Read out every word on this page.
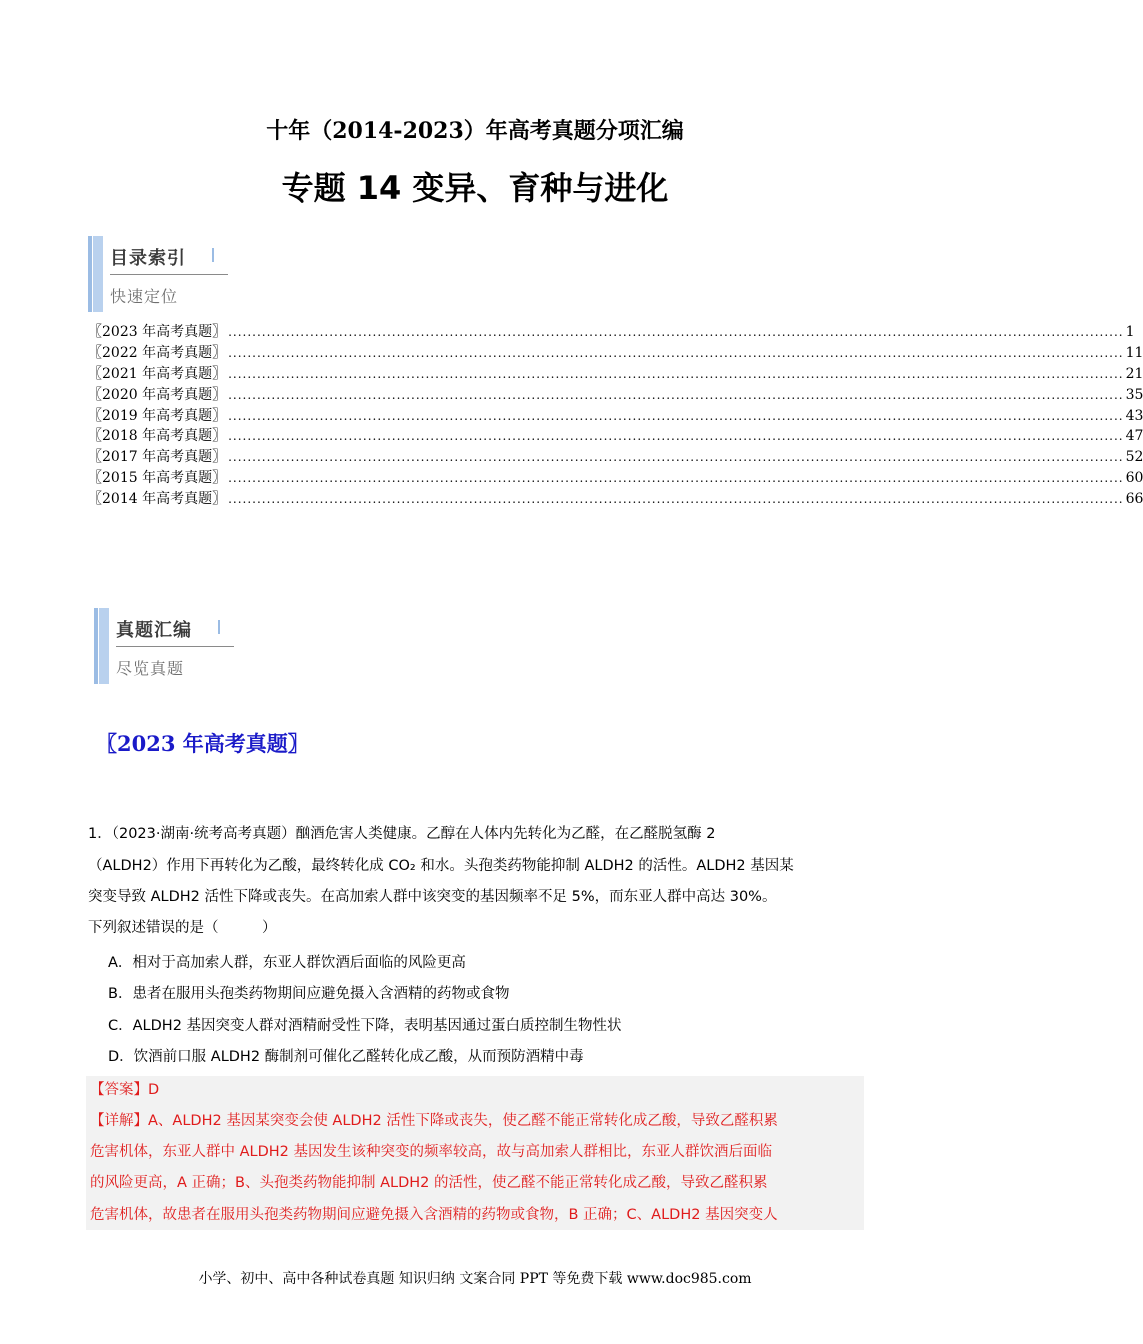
十年（2014-2023）年高考真题分项汇编
专题 14 变异、育种与进化
目录索引
快速定位
〖2023 年高考真题〗 .......................................................................................................................................................................................... 1
〖2022 年高考真题〗 .......................................................................................................................................................................................... 11
〖2021 年高考真题〗 .......................................................................................................................................................................................... 21
〖2020 年高考真题〗 .......................................................................................................................................................................................... 35
〖2019 年高考真题〗 .......................................................................................................................................................................................... 43
〖2018 年高考真题〗 .......................................................................................................................................................................................... 47
〖2017 年高考真题〗 .......................................................................................................................................................................................... 52
〖2015 年高考真题〗 .......................................................................................................................................................................................... 60
〖2014 年高考真题〗 .......................................................................................................................................................................................... 66
真题汇编
尽览真题
〖2023 年高考真题〗
1．（2023·湖南·统考高考真题）酗酒危害人类健康。乙醇在人体内先转化为乙醛，在乙醛脱氢酶 2
（ALDH2）作用下再转化为乙酸，最终转化成 CO₂ 和水。头孢类药物能抑制 ALDH2 的活性。ALDH2 基因某
突变导致 ALDH2 活性下降或丧失。在高加索人群中该突变的基因频率不足 5%，而东亚人群中高达 30%。
下列叙述错误的是（　　　）
A．相对于高加索人群，东亚人群饮酒后面临的风险更高
B．患者在服用头孢类药物期间应避免摄入含酒精的药物或食物
C．ALDH2 基因突变人群对酒精耐受性下降，表明基因通过蛋白质控制生物性状
D．饮酒前口服 ALDH2 酶制剂可催化乙醛转化成乙酸，从而预防酒精中毒
【答案】D
【详解】A、ALDH2 基因某突变会使 ALDH2 活性下降或丧失，使乙醛不能正常转化成乙酸，导致乙醛积累
危害机体，东亚人群中 ALDH2 基因发生该种突变的频率较高，故与高加索人群相比，东亚人群饮酒后面临
的风险更高，A 正确；B、头孢类药物能抑制 ALDH2 的活性，使乙醛不能正常转化成乙酸，导致乙醛积累
危害机体，故患者在服用头孢类药物期间应避免摄入含酒精的药物或食物，B 正确；C、ALDH2 基因突变人
小学、初中、高中各种试卷真题 知识归纳 文案合同 PPT 等免费下载 www.doc985.com
